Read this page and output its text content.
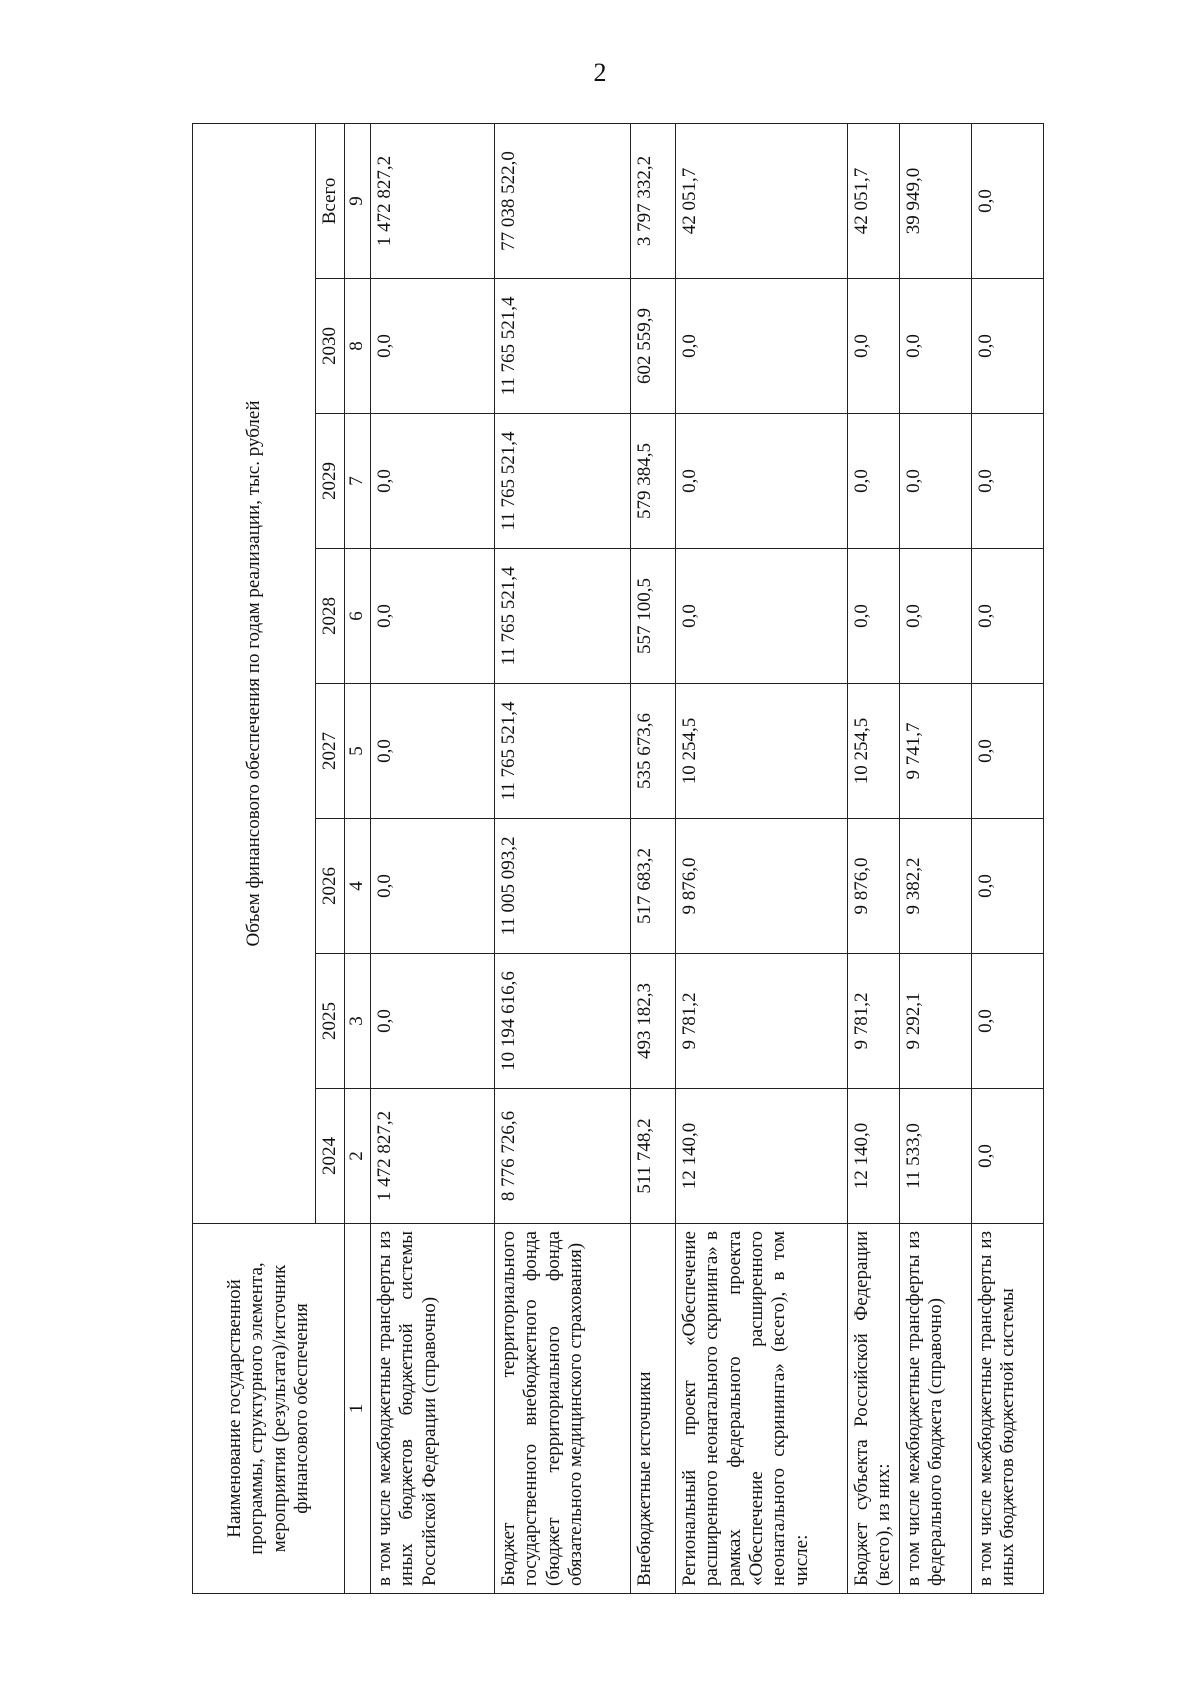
2
Наименование государственной программы, структурного элемента, мероприятия (результата)/источник финансового обеспечения	Объем финансового обеспечения по годам реализации, тыс. рублей							
	2024	2025	2026	2027	2028	2029	2030	Всего
1	2	3	4	5	6	7	8	9
в том числе межбюджетные трансферты из иных бюджетов бюджетной системы Российской Федерации (справочно)	1 472 827,2	0,0	0,0	0,0	0,0	0,0	0,0	1 472 827,2
Бюджет территориального государственного внебюджетного фонда (бюджет территориального фонда обязательного медицинского страхования)	8 776 726,6	10 194 616,6	11 005 093,2	11 765 521,4	11 765 521,4	11 765 521,4	11 765 521,4	77 038 522,0
Внебюджетные источники	511 748,2	493 182,3	517 683,2	535 673,6	557 100,5	579 384,5	602 559,9	3 797 332,2
Региональный проект «Обеспечение расширенного неонатального скрининга» в рамках федерального проекта «Обеспечение расширенного неонатального скрининга» (всего), в том числе:	12 140,0	9 781,2	9 876,0	10 254,5	0,0	0,0	0,0	42 051,7
Бюджет субъекта Российской Федерации (всего), из них:	12 140,0	9 781,2	9 876,0	10 254,5	0,0	0,0	0,0	42 051,7
в том числе межбюджетные трансферты из федерального бюджета (справочно)	11 533,0	9 292,1	9 382,2	9 741,7	0,0	0,0	0,0	39 949,0
в том числе межбюджетные трансферты из иных бюджетов бюджетной системы	0,0	0,0	0,0	0,0	0,0	0,0	0,0	0,0
